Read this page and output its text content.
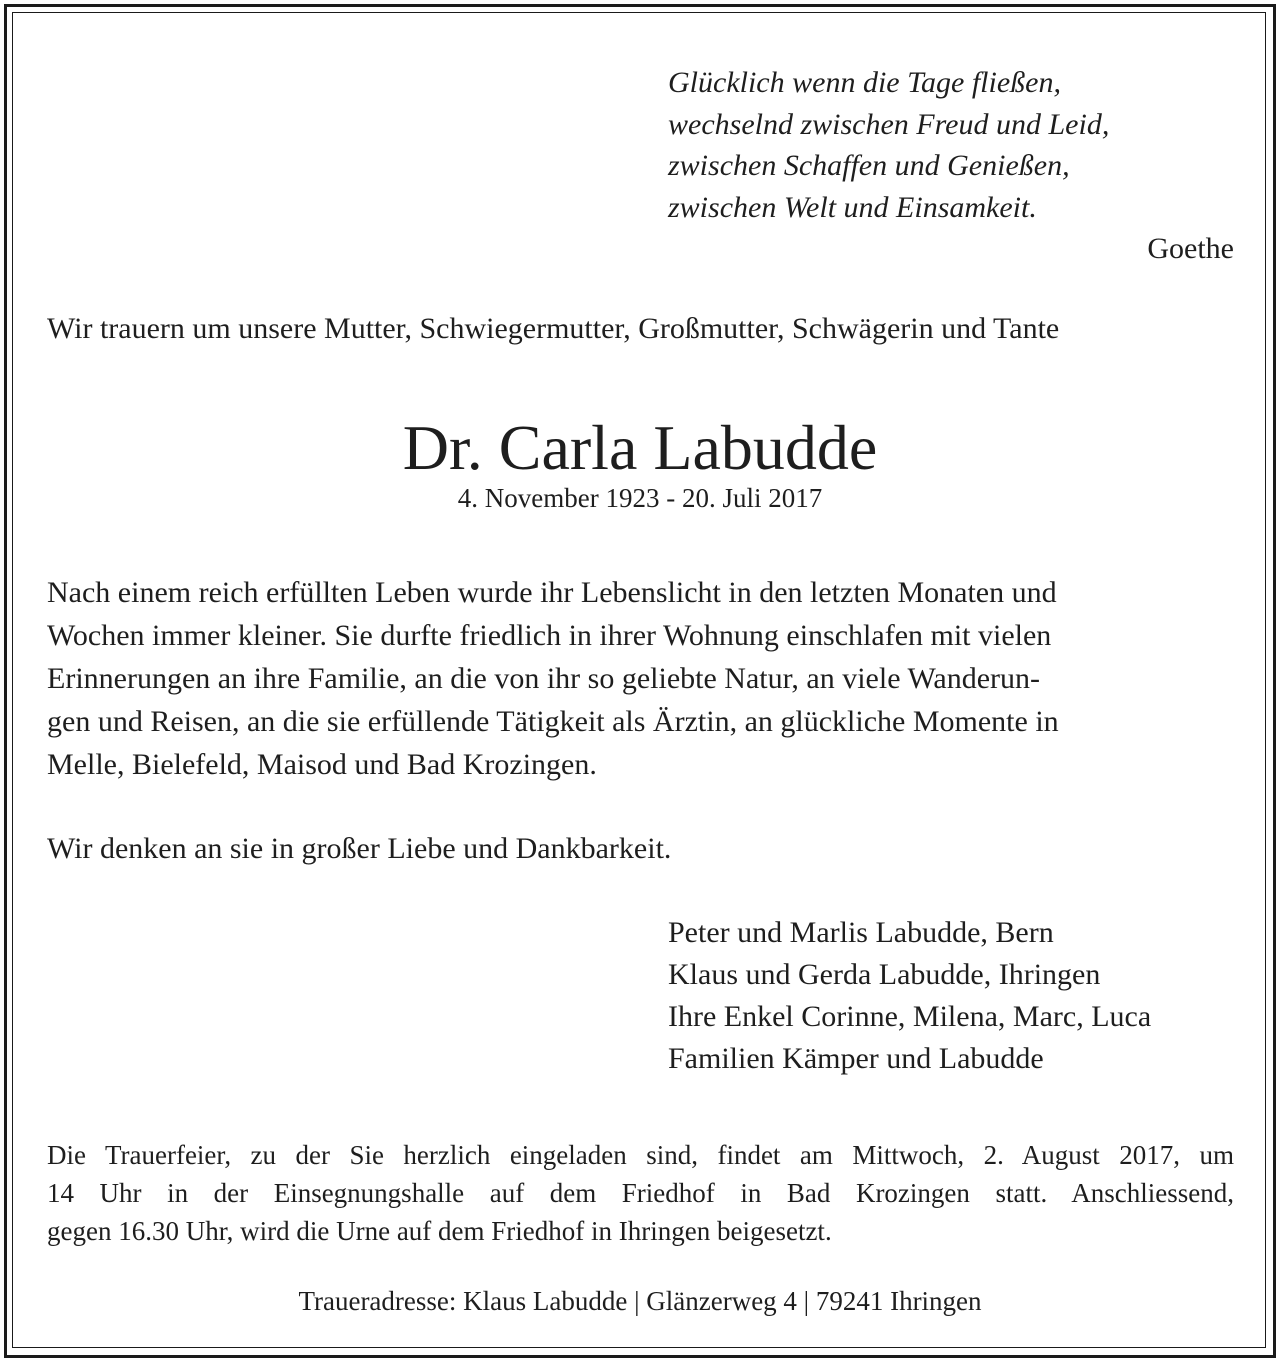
Glücklich wenn die Tage fließen,
wechselnd zwischen Freud und Leid,
zwischen Schaffen und Genießen,
zwischen Welt und Einsamkeit.
Goethe
Wir trauern um unsere Mutter, Schwiegermutter, Großmutter, Schwägerin und Tante
Dr. Carla Labudde
4. November 1923 - 20. Juli 2017
Nach einem reich erfüllten Leben wurde ihr Lebenslicht in den letzten Monaten und
Wochen immer kleiner. Sie durfte friedlich in ihrer Wohnung einschlafen mit vielen
Erinnerungen an ihre Familie, an die von ihr so geliebte Natur, an viele Wanderun-
gen und Reisen, an die sie erfüllende Tätigkeit als Ärztin, an glückliche Momente in
Melle, Bielefeld, Maisod und Bad Krozingen.
Wir denken an sie in großer Liebe und Dankbarkeit.
Peter und Marlis Labudde, Bern
Klaus und Gerda Labudde, Ihringen
Ihre Enkel Corinne, Milena, Marc, Luca
Familien Kämper und Labudde
Die Trauerfeier, zu der Sie herzlich eingeladen sind, findet am Mittwoch, 2. August 2017, um
14 Uhr in der Einsegnungshalle auf dem Friedhof in Bad Krozingen statt. Anschliessend,
gegen 16.30 Uhr, wird die Urne auf dem Friedhof in Ihringen beigesetzt.
Traueradresse: Klaus Labudde | Glänzerweg 4 | 79241 Ihringen
